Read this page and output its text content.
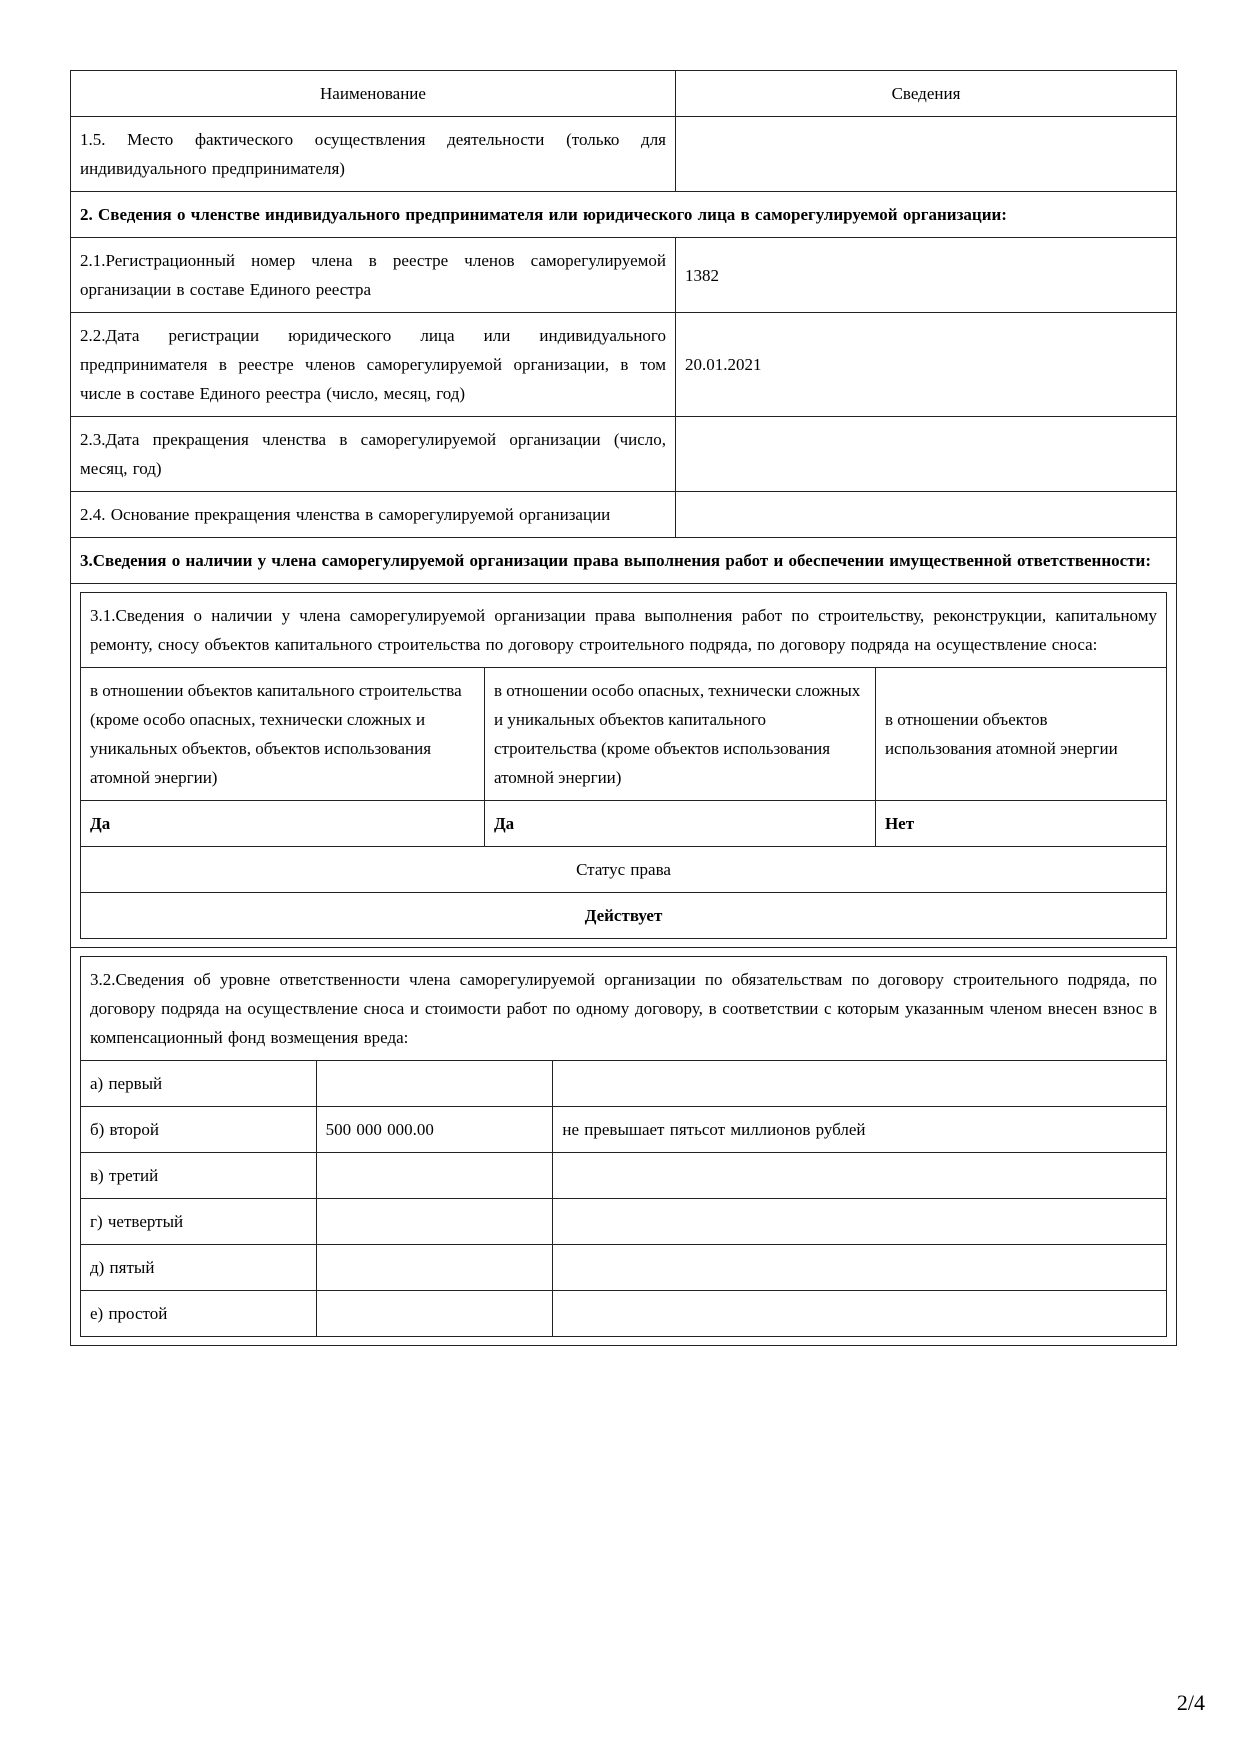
Наименование	Сведения
1.5. Место фактического осуществления деятельности (только для индивидуального предпринимателя)	
2. Сведения о членстве индивидуального предпринимателя или юридического лица в саморегулируемой организации:
2.1.Регистрационный номер члена в реестре членов саморегулируемой организации в составе Единого реестра	1382
2.2.Дата регистрации юридического лица или индивидуального предпринимателя в реестре членов саморегулируемой организации, в том числе в составе Единого реестра (число, месяц, год)	20.01.2021
2.3.Дата прекращения членства в саморегулируемой организации (число, месяц, год)	
2.4. Основание прекращения членства в саморегулируемой организации	
3.Сведения о наличии у члена саморегулируемой организации права выполнения работ и обеспечении имущественной ответственности:

3.1.Сведения о наличии у члена саморегулируемой организации права выполнения работ по строительству, реконструкции, капитальному ремонту, сносу объектов капитального строительства по договору строительного подряда, по договору подряда на осуществление сноса:
в отношении объектов капитального строительства (кроме особо опасных, технически сложных и уникальных объектов, объектов использования атомной энергии)	в отношении особо опасных, технически сложных и уникальных объектов капитального строительства (кроме объектов использования атомной энергии)	в отношении объектов использования атомной энергии
Да	Да	Нет
Статус права
Действует

3.2.Сведения об уровне ответственности члена саморегулируемой организации по обязательствам по договору строительного подряда, по договору подряда на осуществление сноса и стоимости работ по одному договору, в соответствии с которым указанным членом внесен взнос в компенсационный фонд возмещения вреда:
а) первый		
б) второй	500 000 000.00	не превышает пятьсот миллионов рублей
в) третий		
г) четвертый		
д) пятый		
е) простой		
2/4
